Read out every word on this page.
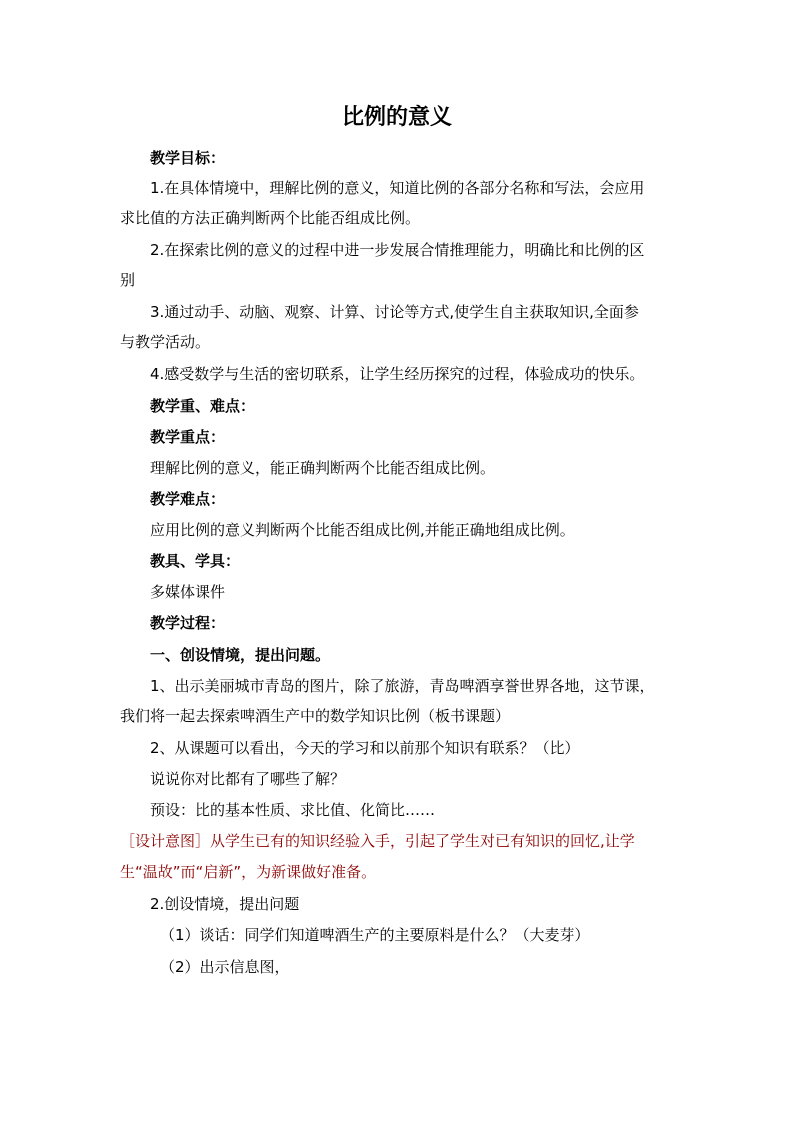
比例的意义
教学目标：
1.在具体情境中，理解比例的意义，知道比例的各部分名称和写法，会应用
求比值的方法正确判断两个比能否组成比例。
2.在探索比例的意义的过程中进一步发展合情推理能力，明确比和比例的区
别
3.通过动手、动脑、观察、计算、讨论等方式,使学生自主获取知识,全面参
与教学活动。
4.感受数学与生活的密切联系，让学生经历探究的过程，体验成功的快乐。
教学重、难点：
教学重点：
理解比例的意义，能正确判断两个比能否组成比例。
教学难点：
应用比例的意义判断两个比能否组成比例,并能正确地组成比例。
教具、学具：
多媒体课件
教学过程：
一、创设情境，提出问题。
1、出示美丽城市青岛的图片，除了旅游，青岛啤酒享誉世界各地，这节课，
我们将一起去探索啤酒生产中的数学知识比例（板书课题）
2、从课题可以看出，今天的学习和以前那个知识有联系？（比）
说说你对比都有了哪些了解？
预设：比的基本性质、求比值、化简比……
［设计意图］从学生已有的知识经验入手，引起了学生对已有知识的回忆,让学
生“温故”而“启新”，为新课做好准备。
2.创设情境，提出问题
（1）谈话：同学们知道啤酒生产的主要原料是什么？（大麦芽）
（2）出示信息图，
